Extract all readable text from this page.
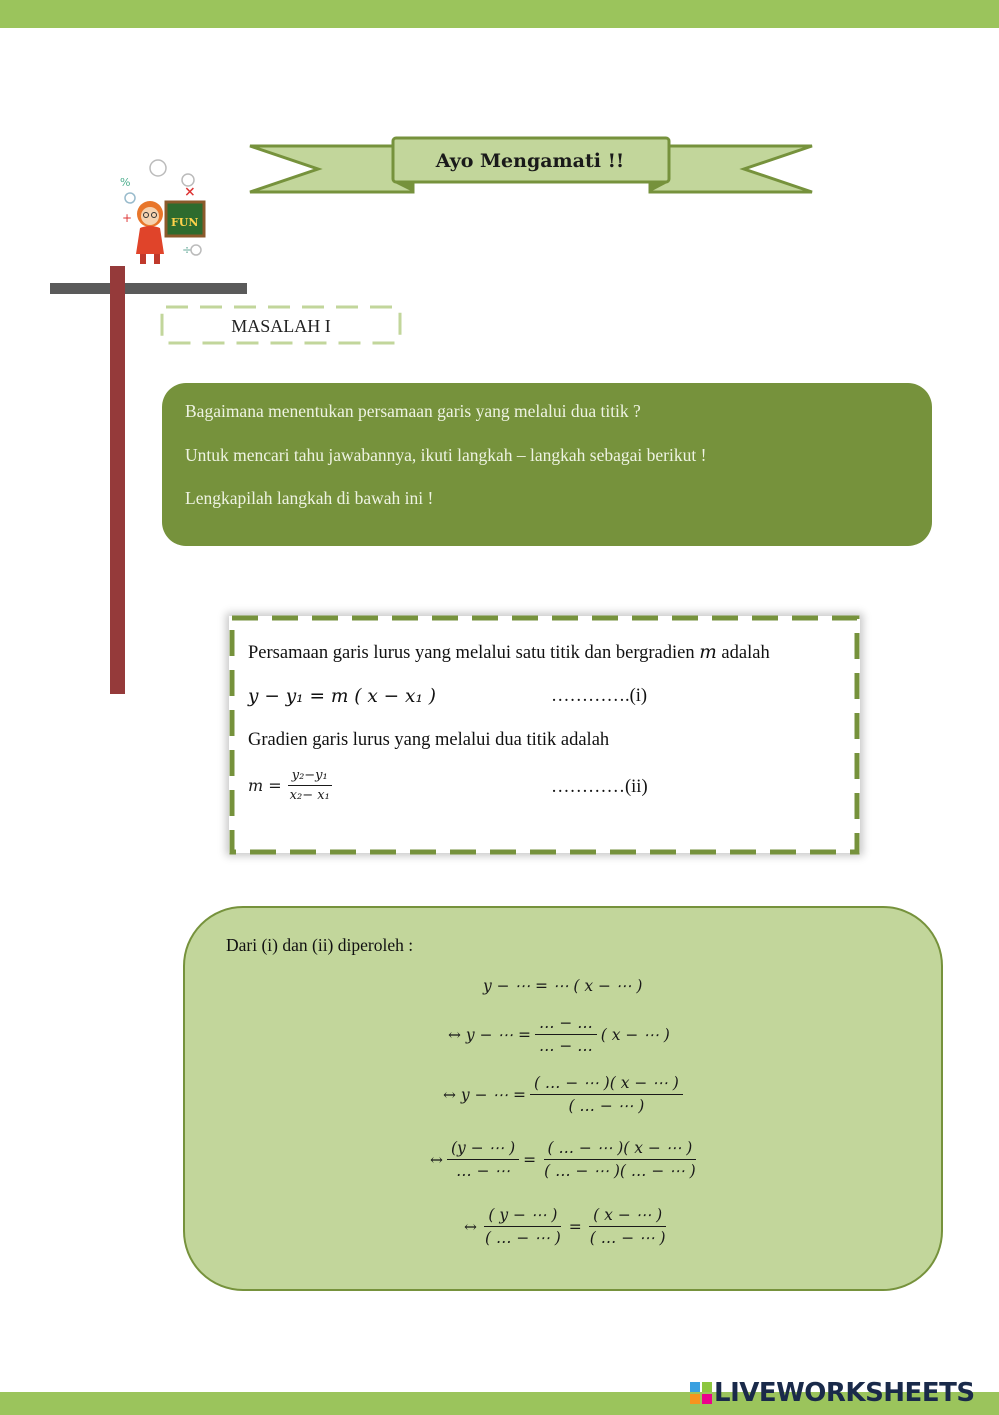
Ayo Mengamati !!
%
×
+	FUN
÷
MASALAH I
Bagaimana menentukan persamaan garis yang melalui dua titik ?
Untuk mencari tahu jawabannya, ikuti langkah – langkah sebagai berikut !
Lengkapilah langkah di bawah ini !
Persamaan garis lurus yang melalui satu titik dan bergradien m adalah
y − y₁ = m ( x − x₁ )	………….(i)
Gradien garis lurus yang melalui dua titik adalah
$m = \frac{\text{y₂−y₁}}{\text{x₂− x₁}}$	…………(ii)
Dari (i) dan (ii) diperoleh :
y − ⋯ = ⋯ ( x − ⋯ )
↔ y − ⋯ = $\frac{\dots - \dots}{\dots - \dots}$ ( x − ⋯ )
↔ y − ⋯ = $\frac{( \dots - \cdots )( x - \cdots )}{( \dots - \cdots )}$
↔ $\frac{(y - \cdots )}{\dots - \cdots} = \frac{( \dots - \cdots )( x - \cdots )}{( \dots - \cdots )( \dots - \cdots )}$
↔ $\frac{( y - \cdots )}{( \dots - \cdots )} = \frac{( x - \cdots )}{( \dots - \cdots )}$
LIVEWORKSHEETS
